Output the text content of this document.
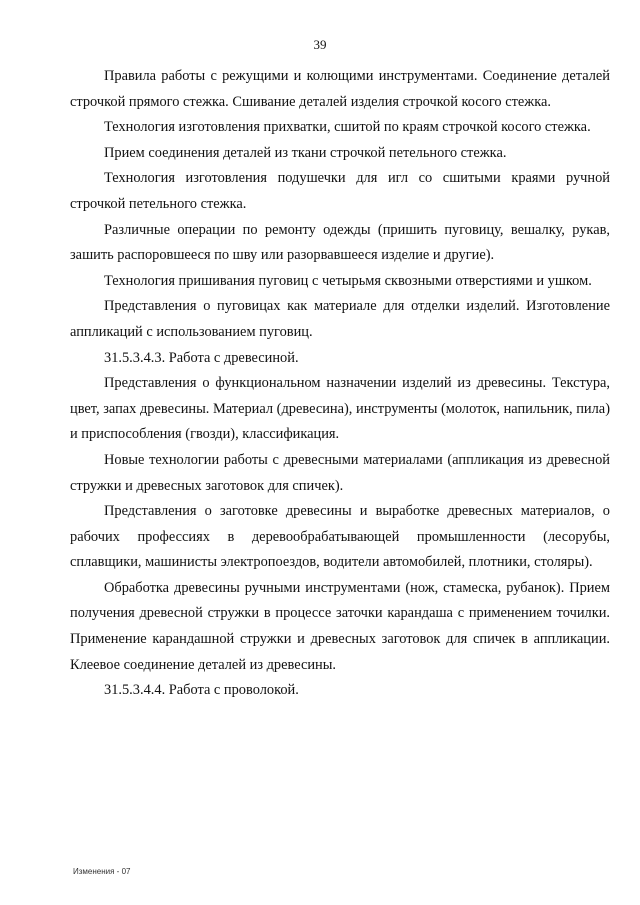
39

Правила работы с режущими и колющими инструментами. Соединение деталей строчкой прямого стежка. Сшивание деталей изделия строчкой косого стежка.

Технология изготовления прихватки, сшитой по краям строчкой косого стежка.

Прием соединения деталей из ткани строчкой петельного стежка.

Технология изготовления подушечки для игл со сшитыми краями ручной строчкой петельного стежка.

Различные операции по ремонту одежды (пришить пуговицу, вешалку, рукав, зашить распоровшееся по шву или разорвавшееся изделие и другие).

Технология пришивания пуговиц с четырьмя сквозными отверстиями и ушком.

Представления о пуговицах как материале для отделки изделий. Изготовление аппликаций с использованием пуговиц.

31.5.3.4.3. Работа с древесиной.

Представления о функциональном назначении изделий из древесины. Текстура, цвет, запах древесины. Материал (древесина), инструменты (молоток, напильник, пила) и приспособления (гвозди), классификация.

Новые технологии работы с древесными материалами (аппликация из древесной стружки и древесных заготовок для спичек).

Представления о заготовке древесины и выработке древесных материалов, о рабочих профессиях в деревообрабатывающей промышленности (лесорубы, сплавщики, машинисты электропоездов, водители автомобилей, плотники, столяры).

Обработка древесины ручными инструментами (нож, стамеска, рубанок). Прием получения древесной стружки в процессе заточки карандаша с применением точилки. Применение карандашной стружки и древесных заготовок для спичек в аппликации. Клеевое соединение деталей из древесины.

31.5.3.4.4. Работа с проволокой.

Изменения - 07
